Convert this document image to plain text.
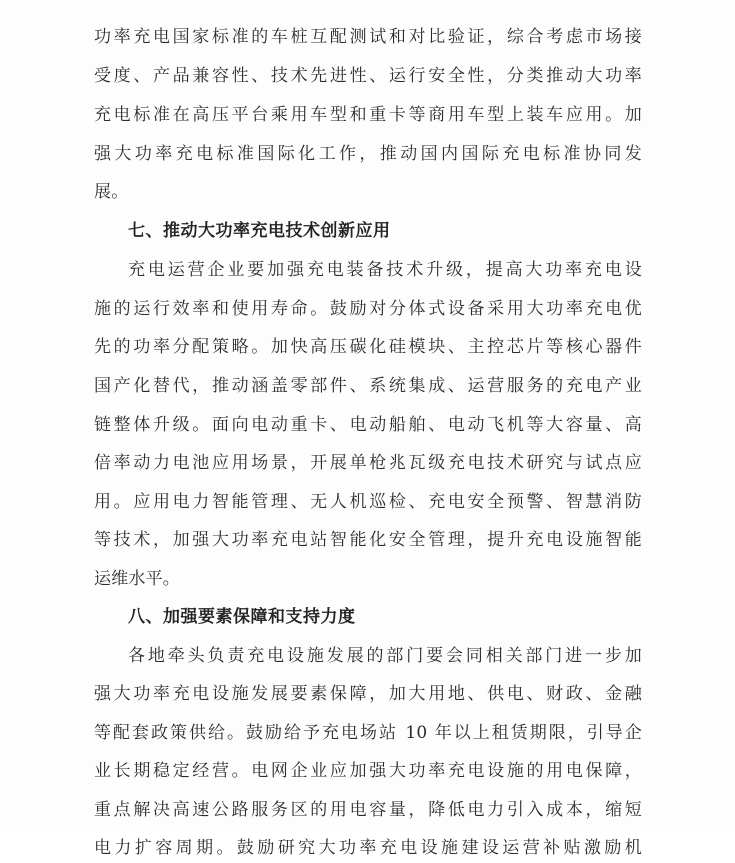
功率充电国家标准的车桩互配测试和对比验证，综合考虑市场接
受度、产品兼容性、技术先进性、运行安全性，分类推动大功率
充电标准在高压平台乘用车型和重卡等商用车型上装车应用。加
强大功率充电标准国际化工作，推动国内国际充电标准协同发
展。
七、推动大功率充电技术创新应用
充电运营企业要加强充电装备技术升级，提高大功率充电设
施的运行效率和使用寿命。鼓励对分体式设备采用大功率充电优
先的功率分配策略。加快高压碳化硅模块、主控芯片等核心器件
国产化替代，推动涵盖零部件、系统集成、运营服务的充电产业
链整体升级。面向电动重卡、电动船舶、电动飞机等大容量、高
倍率动力电池应用场景，开展单枪兆瓦级充电技术研究与试点应
用。应用电力智能管理、无人机巡检、充电安全预警、智慧消防
等技术，加强大功率充电站智能化安全管理，提升充电设施智能
运维水平。
八、加强要素保障和支持力度
各地牵头负责充电设施发展的部门要会同相关部门进一步加
强大功率充电设施发展要素保障，加大用地、供电、财政、金融
等配套政策供给。鼓励给予充电场站 10 年以上租赁期限，引导企
业长期稳定经营。电网企业应加强大功率充电设施的用电保障，
重点解决高速公路服务区的用电容量，降低电力引入成本，缩短
电力扩容周期。鼓励研究大功率充电设施建设运营补贴激励机
